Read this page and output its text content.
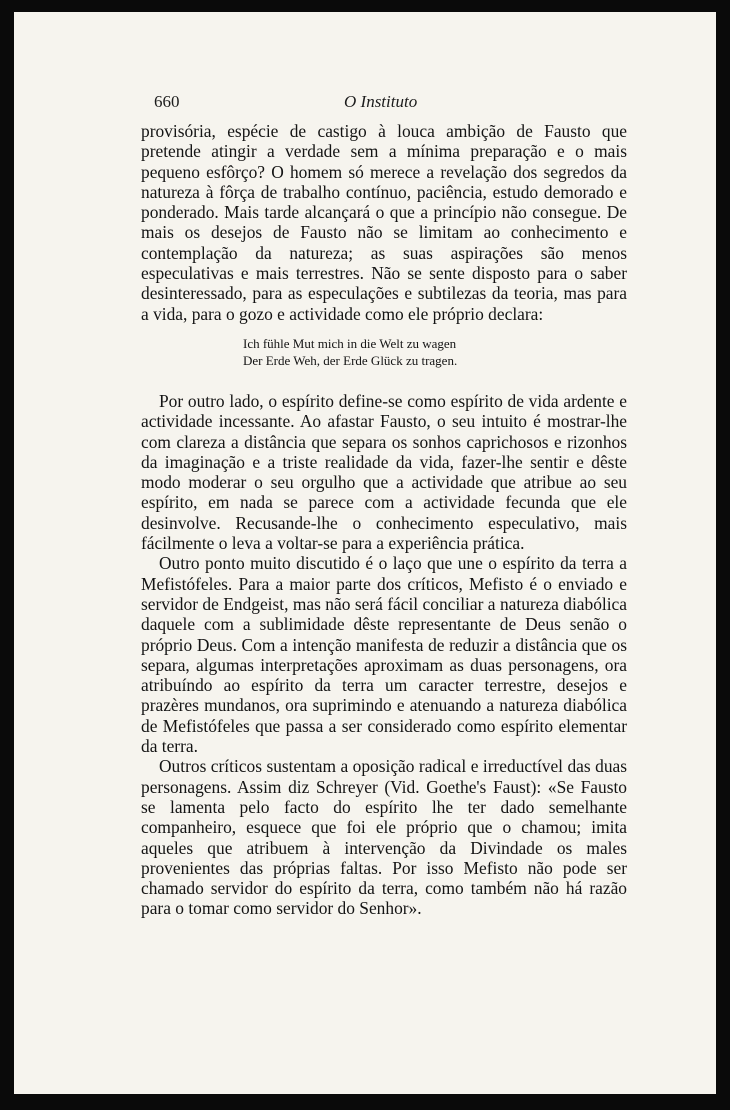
660	O Instituto

provisória, espécie de castigo à louca ambição de Fausto que pretende atingir a verdade sem a mínima preparação e o mais pequeno esfôrço? O homem só merece a revelação dos segredos da natureza à fôrça de trabalho contínuo, paciência, estudo demorado e ponderado. Mais tarde alcançará o que a princípio não consegue. De mais os desejos de Fausto não se limitam ao conhecimento e contemplação da natureza; as suas aspirações são menos especulativas e mais terrestres. Não se sente disposto para o saber desinteressado, para as especulações e subtilezas da teoria, mas para a vida, para o gozo e actividade como ele próprio declara:

Ich fühle Mut mich in die Welt zu wagen
Der Erde Weh, der Erde Glück zu tragen.

Por outro lado, o espírito define-se como espírito de vida ardente e actividade incessante. Ao afastar Fausto, o seu intuito é mostrar-lhe com clareza a distância que separa os sonhos caprichosos e rizonhos da imaginação e a triste realidade da vida, fazer-lhe sentir e dêste modo moderar o seu orgulho que a actividade que atribue ao seu espírito, em nada se parece com a actividade fecunda que ele desinvolve. Recusande-lhe o conhecimento especulativo, mais fácilmente o leva a voltar-se para a experiência prática.

Outro ponto muito discutido é o laço que une o espírito da terra a Mefistófeles. Para a maior parte dos críticos, Mefisto é o enviado e servidor de Endgeist, mas não será fácil conciliar a natureza diabólica daquele com a sublimidade dêste representante de Deus senão o próprio Deus. Com a intenção manifesta de reduzir a distância que os separa, algumas interpretações aproximam as duas personagens, ora atribuíndo ao espírito da terra um caracter terrestre, desejos e prazères mundanos, ora suprimindo e atenuando a natureza diabólica de Mefistófeles que passa a ser considerado como espírito elementar da terra.

Outros críticos sustentam a oposição radical e irreductível das duas personagens. Assim diz Schreyer (Vid. Goethe's Faust): «Se Fausto se lamenta pelo facto do espírito lhe ter dado semelhante companheiro, esquece que foi ele próprio que o chamou; imita aqueles que atribuem à intervenção da Divindade os males provenientes das próprias faltas. Por isso Mefisto não pode ser chamado servidor do espírito da terra, como também não há razão para o tomar como servidor do Senhor».
